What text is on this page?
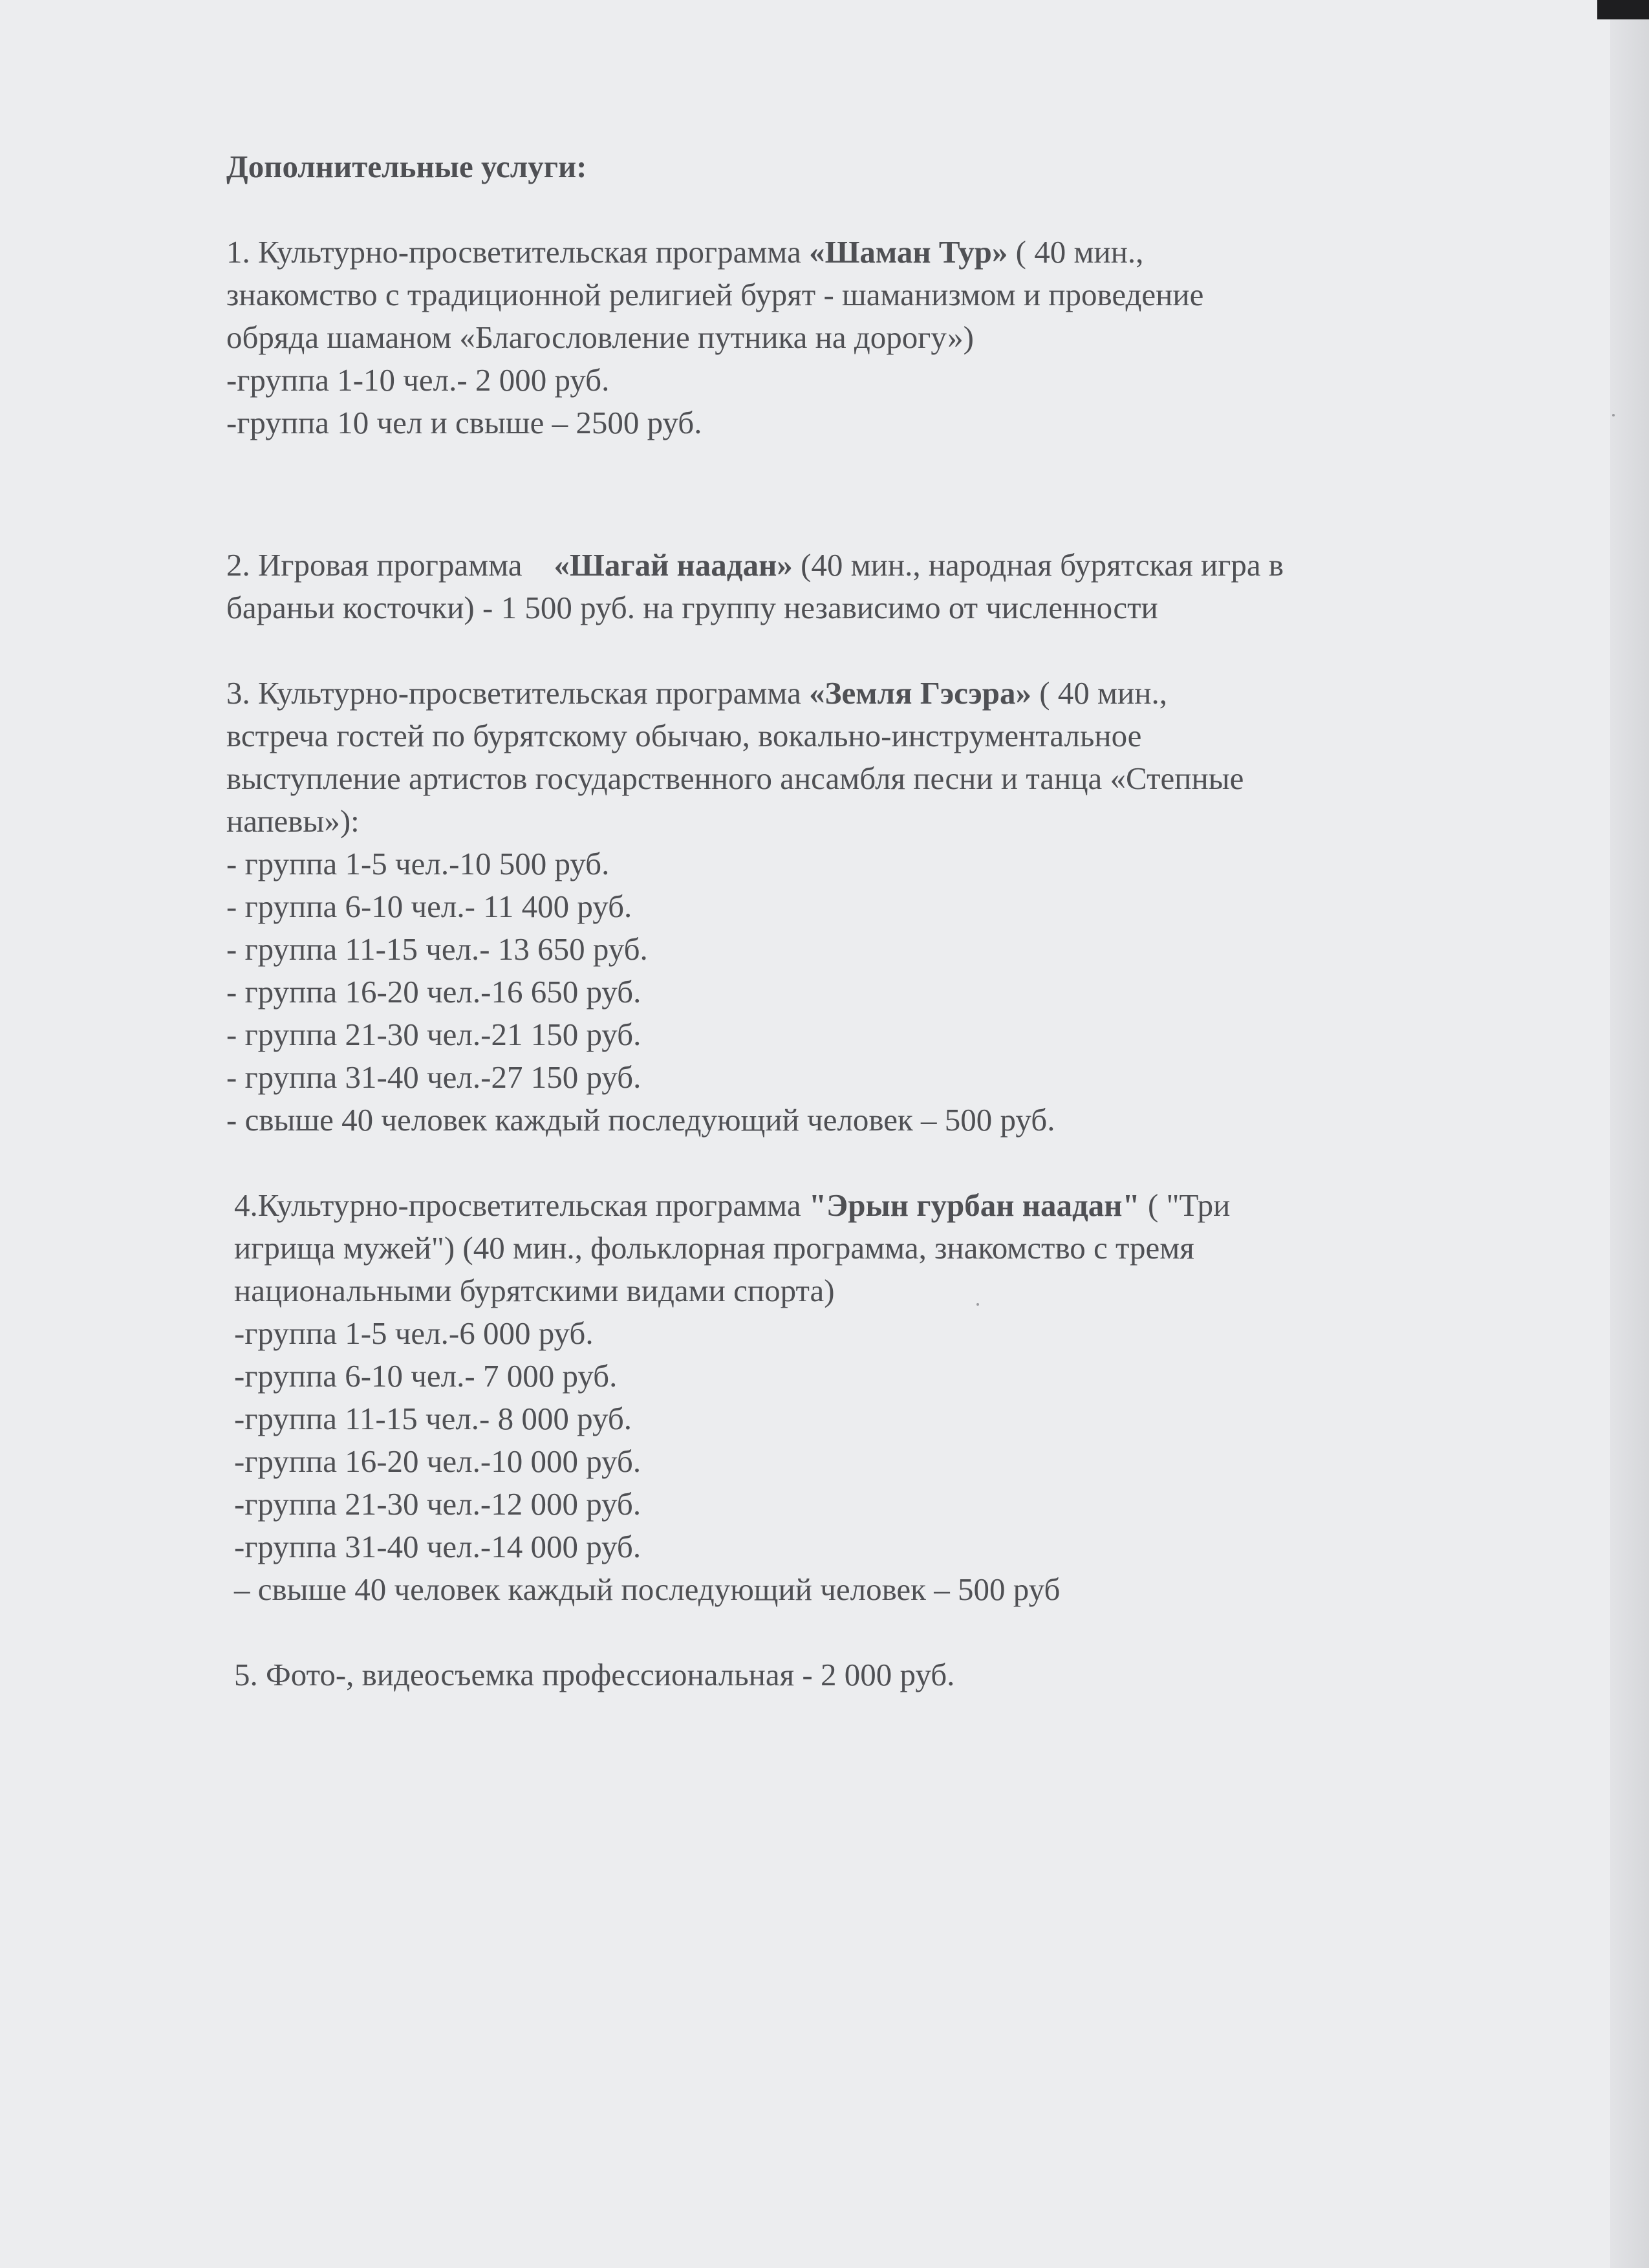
Дополнительные услуги:

1. Культурно-просветительская программа «Шаман Тур» ( 40 мин.,

знакомство с традиционной религией бурят - шаманизмом и проведение

обряда шаманом «Благословление путника на дорогу»)

-группа 1-10 чел.- 2 000 руб.

-группа 10 чел и свыше – 2500 руб.

2. Игровая программа    «Шагай наадан» (40 мин., народная бурятская игра в

бараньи косточки) - 1 500 руб. на группу независимо от численности

3. Культурно-просветительская программа «Земля Гэсэра» ( 40 мин.,

встреча гостей по бурятскому обычаю, вокально-инструментальное

выступление артистов государственного ансамбля песни и танца «Степные

напевы»):

- группа 1-5 чел.-10 500 руб.

- группа 6-10 чел.- 11 400 руб.

- группа 11-15 чел.- 13 650 руб.

- группа 16-20 чел.-16 650 руб.

- группа 21-30 чел.-21 150 руб.

- группа 31-40 чел.-27 150 руб.

- свыше 40 человек каждый последующий человек – 500 руб.

4.Культурно-просветительская программа "Эрын гурбан наадан" ( "Три

игрища мужей") (40 мин., фольклорная программа, знакомство с тремя

национальными бурятскими видами спорта)

-группа 1-5 чел.-6 000 руб.

-группа 6-10 чел.- 7 000 руб.

-группа 11-15 чел.- 8 000 руб.

-группа 16-20 чел.-10 000 руб.

-группа 21-30 чел.-12 000 руб.

-группа 31-40 чел.-14 000 руб.

– свыше 40 человек каждый последующий человек – 500 руб

5. Фото-, видеосъемка профессиональная - 2 000 руб.
